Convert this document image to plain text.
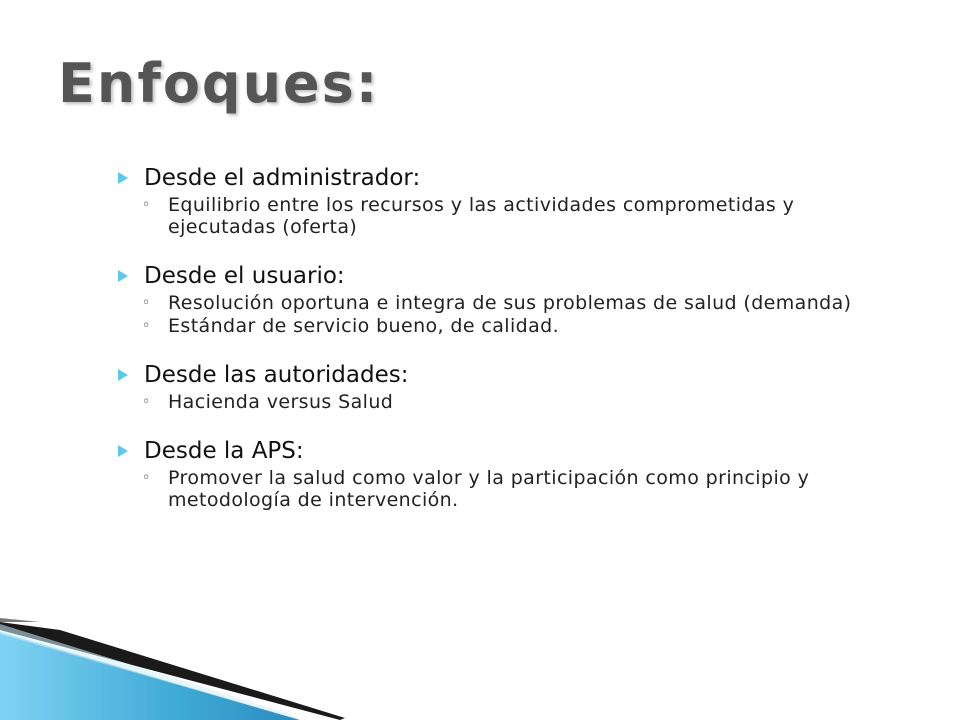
Enfoques:
Desde el administrador:
◦ Equilibrio entre los recursos y las actividades comprometidas y ejecutadas (oferta)
Desde el usuario:
◦ Resolución oportuna e integra de sus problemas de salud (demanda)
◦ Estándar de servicio bueno, de calidad.
Desde las autoridades:
◦ Hacienda versus Salud
Desde la APS:
◦ Promover la salud como valor y la participación como principio y metodología de intervención.
